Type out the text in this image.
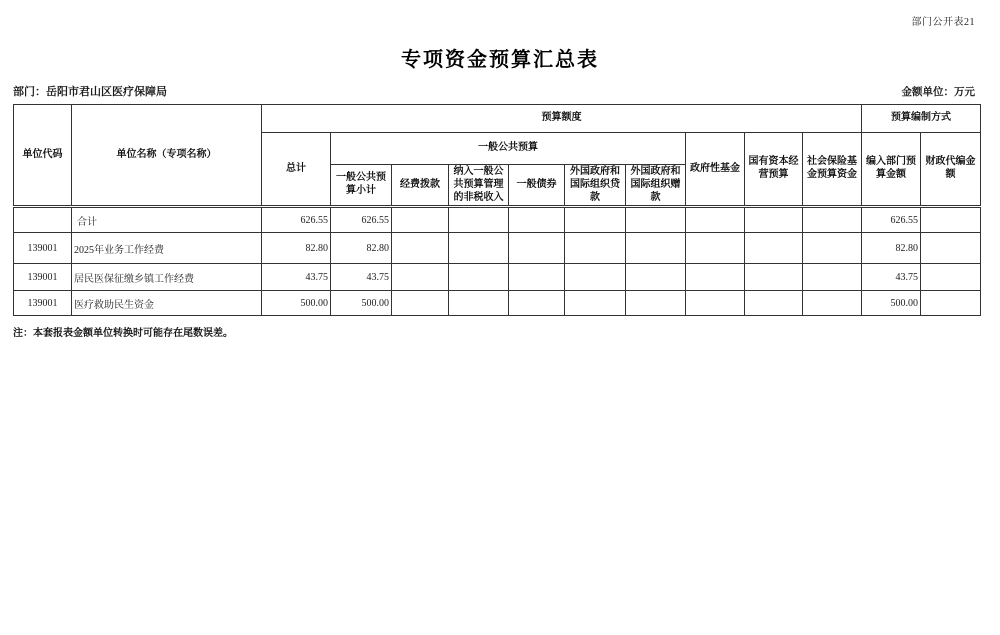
部门公开表21
专项资金预算汇总表
部门：岳阳市君山区医疗保障局	金额单位：万元
单位代码	单位名称（专项名称）	预算额度										预算编制方式	
		总计	一般公共预算						政府性基金	国有资本经营预算	社会保险基金预算资金	编入部门预算金额	财政代编金额
			一般公共预算小计	经费拨款	纳入一般公共预算管理的非税收入	一般债券	外国政府和国际组织贷款	外国政府和国际组织赠款					
	合计	626.55	626.55									626.55	
139001	2025年业务工作经费	82.80	82.80									82.80	
139001	居民医保征缴乡镇工作经费	43.75	43.75									43.75	
139001	医疗救助民生资金	500.00	500.00									500.00	
注：本套报表金额单位转换时可能存在尾数误差。
